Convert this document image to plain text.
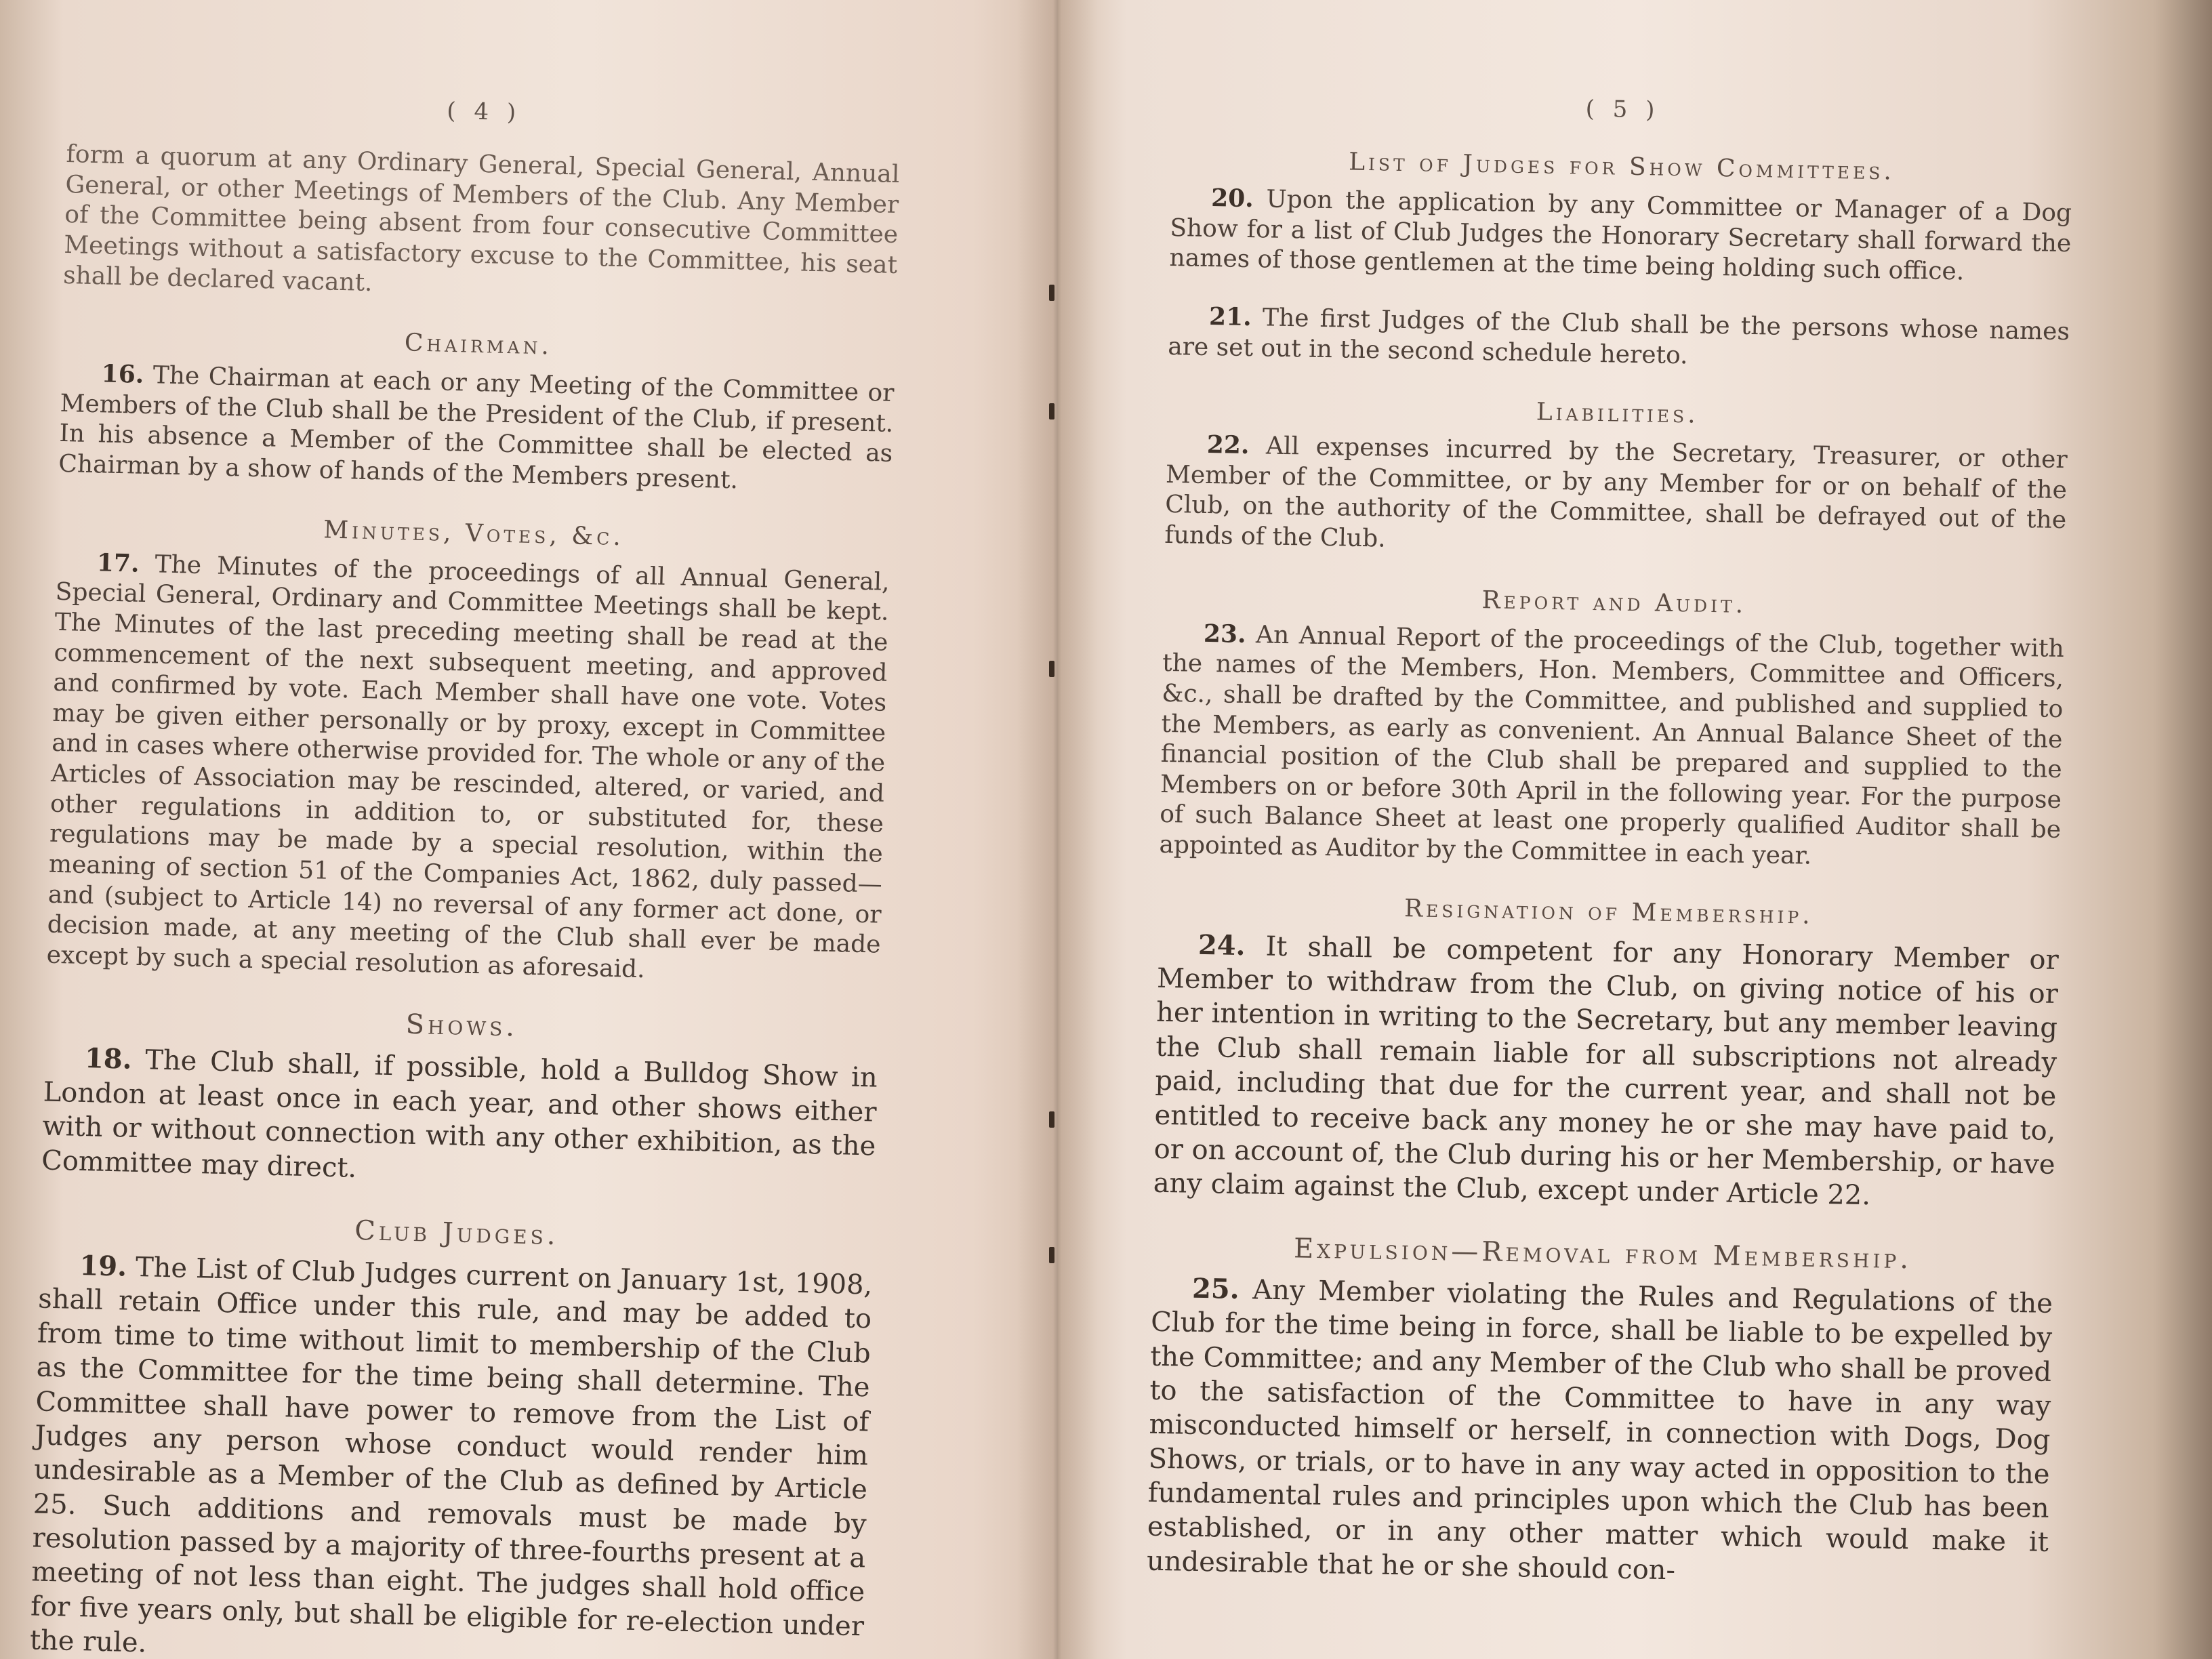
( 4 )

form a quorum at any Ordinary General, Special General, Annual General, or other Meetings of Members of the Club. Any Member of the Committee being absent from four consecutive Committee Meetings without a satisfactory excuse to the Committee, his seat shall be declared vacant.

Chairman.

16. The Chairman at each or any Meeting of the Committee or Members of the Club shall be the President of the Club, if present. In his absence a Member of the Committee shall be elected as Chairman by a show of hands of the Members present.

Minutes, Votes, &c.

17. The Minutes of the proceedings of all Annual General, Special General, Ordinary and Committee Meetings shall be kept. The Minutes of the last preceding meeting shall be read at the commencement of the next subsequent meeting, and approved and confirmed by vote. Each Member shall have one vote. Votes may be given either personally or by proxy, except in Committee and in cases where otherwise provided for. The whole or any of the Articles of Association may be rescinded, altered, or varied, and other regulations in addition to, or substituted for, these regulations may be made by a special resolution, within the meaning of section 51 of the Companies Act, 1862, duly passed—and (subject to Article 14) no reversal of any former act done, or decision made, at any meeting of the Club shall ever be made except by such a special resolution as aforesaid.

Shows.

18. The Club shall, if possible, hold a Bulldog Show in London at least once in each year, and other shows either with or without connection with any other exhibition, as the Committee may direct.

Club Judges.

19. The List of Club Judges current on January 1st, 1908, shall retain Office under this rule, and may be added to from time to time without limit to membership of the Club as the Committee for the time being shall determine. The Committee shall have power to remove from the List of Judges any person whose conduct would render him undesirable as a Member of the Club as defined by Article 25. Such additions and removals must be made by resolution passed by a majority of three-fourths present at a meeting of not less than eight. The judges shall hold office for five years only, but shall be eligible for re-election under the rule.

( 5 )
List of Judges for Show Committees.

20. Upon the application by any Committee or Manager of a Dog Show for a list of Club Judges the Honorary Secretary shall forward the names of those gentlemen at the time being holding such office.

21. The first Judges of the Club shall be the persons whose names are set out in the second schedule hereto.

Liabilities.

22. All expenses incurred by the Secretary, Treasurer, or other Member of the Committee, or by any Member for or on behalf of the Club, on the authority of the Committee, shall be defrayed out of the funds of the Club.

Report and Audit.

23. An Annual Report of the proceedings of the Club, together with the names of the Members, Hon. Members, Committee and Officers, &c., shall be drafted by the Committee, and published and supplied to the Members, as early as convenient. An Annual Balance Sheet of the financial position of the Club shall be prepared and supplied to the Members on or before 30th April in the following year. For the purpose of such Balance Sheet at least one properly qualified Auditor shall be appointed as Auditor by the Committee in each year.

Resignation of Membership.

24. It shall be competent for any Honorary Member or Member to withdraw from the Club, on giving notice of his or her intention in writing to the Secretary, but any member leaving the Club shall remain liable for all subscriptions not already paid, including that due for the current year, and shall not be entitled to receive back any money he or she may have paid to, or on account of, the Club during his or her Membership, or have any claim against the Club, except under Article 22.

Expulsion—Removal from Membership.

25. Any Member violating the Rules and Regulations of the Club for the time being in force, shall be liable to be expelled by the Committee; and any Member of the Club who shall be proved to the satisfaction of the Committee to have in any way misconducted himself or herself, in connection with Dogs, Dog Shows, or trials, or to have in any way acted in opposition to the fundamental rules and principles upon which the Club has been established, or in any other matter which would make it undesirable that he or she should con-
